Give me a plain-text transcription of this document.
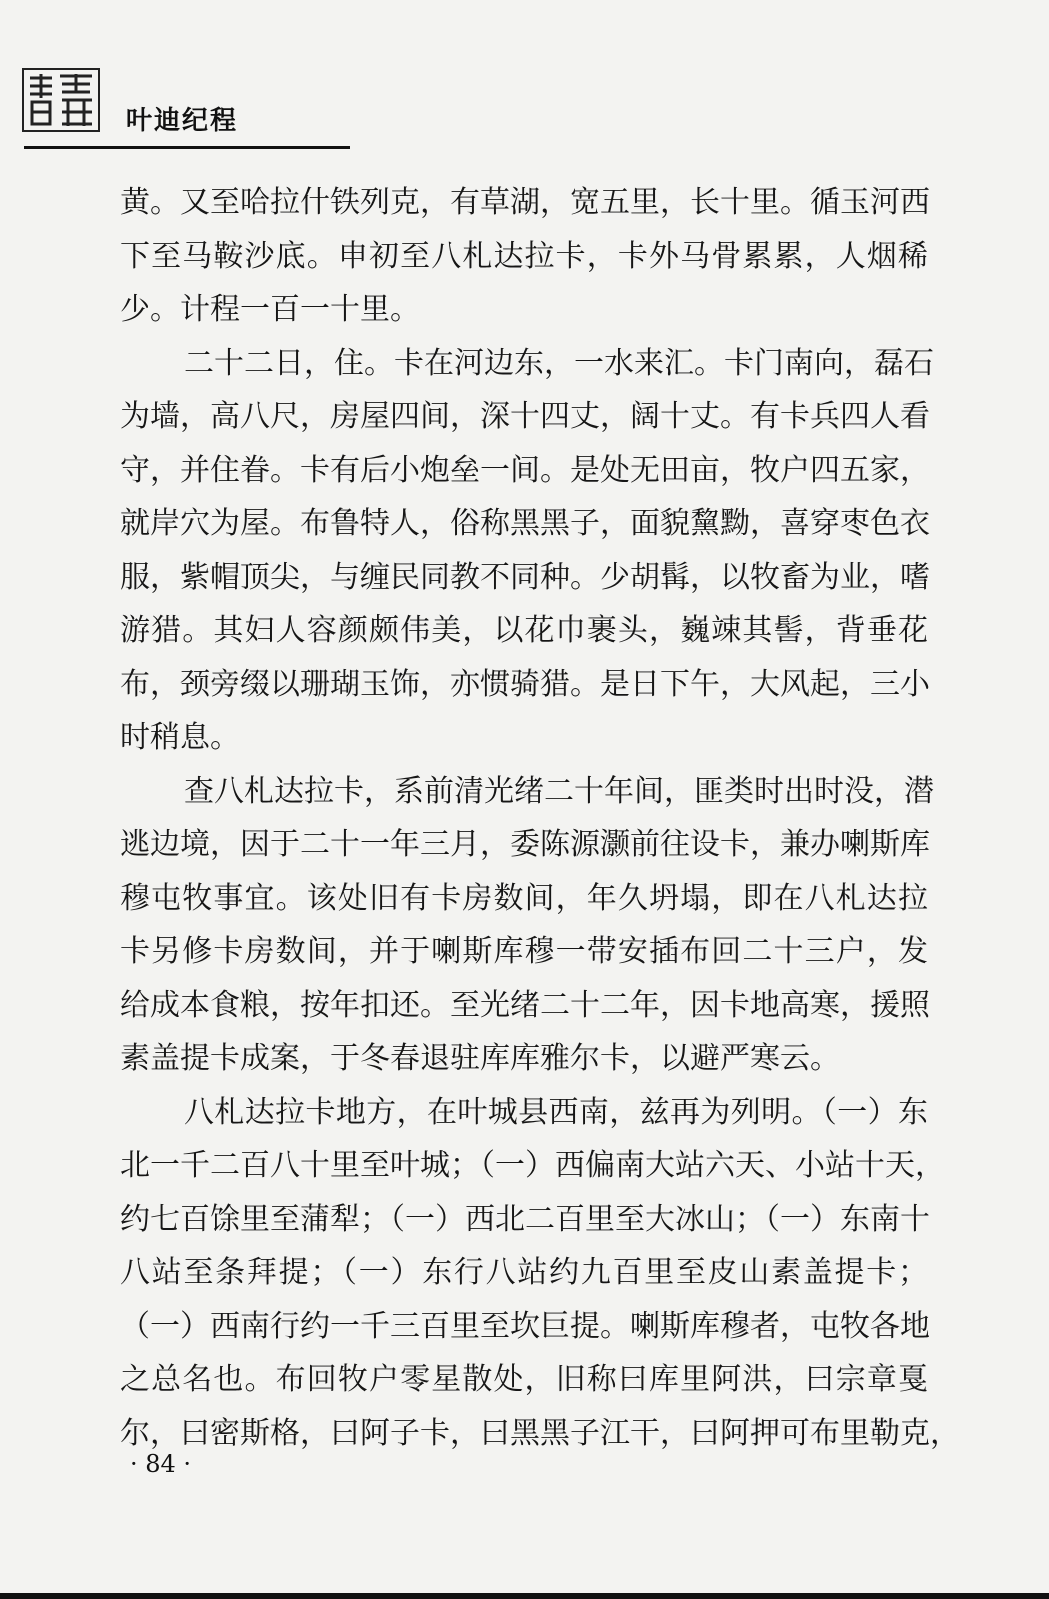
叶迪纪程
黄。又至哈拉什铁列克，有草湖，宽五里，长十里。循玉河西
下至马鞍沙底。申初至八札达拉卡，卡外马骨累累，人烟稀
少。计程一百一十里。
二十二日，住。卡在河边东，一水来汇。卡门南向，磊石
为墙，高八尺，房屋四间，深十四丈，阔十丈。有卡兵四人看
守，并住眷。卡有后小炮垒一间。是处无田亩，牧户四五家，
就岸穴为屋。布鲁特人，俗称黑黑子，面貌黧黝，喜穿枣色衣
服，紫帽顶尖，与缠民同教不同种。少胡髯，以牧畜为业，嗜
游猎。其妇人容颜颇伟美，以花巾裹头，巍竦其髻，背垂花
布，颈旁缀以珊瑚玉饰，亦惯骑猎。是日下午，大风起，三小
时稍息。
查八札达拉卡，系前清光绪二十年间，匪类时出时没，潜
逃边境，因于二十一年三月，委陈源灏前往设卡，兼办喇斯库
穆屯牧事宜。该处旧有卡房数间，年久坍塌，即在八札达拉
卡另修卡房数间，并于喇斯库穆一带安插布回二十三户，发
给成本食粮，按年扣还。至光绪二十二年，因卡地高寒，援照
素盖提卡成案，于冬春退驻库库雅尔卡，以避严寒云。
八札达拉卡地方，在叶城县西南，兹再为列明。（一）东
北一千二百八十里至叶城；（一）西偏南大站六天、小站十天，
约七百馀里至蒲犁；（一）西北二百里至大冰山；（一）东南十
八站至条拜提；（一）东行八站约九百里至皮山素盖提卡；
（一）西南行约一千三百里至坎巨提。喇斯库穆者，屯牧各地
之总名也。布回牧户零星散处，旧称曰库里阿洪，曰宗章戛
尔，曰密斯格，曰阿子卡，曰黑黑子江干，曰阿押可布里勒克，
· 84 ·
